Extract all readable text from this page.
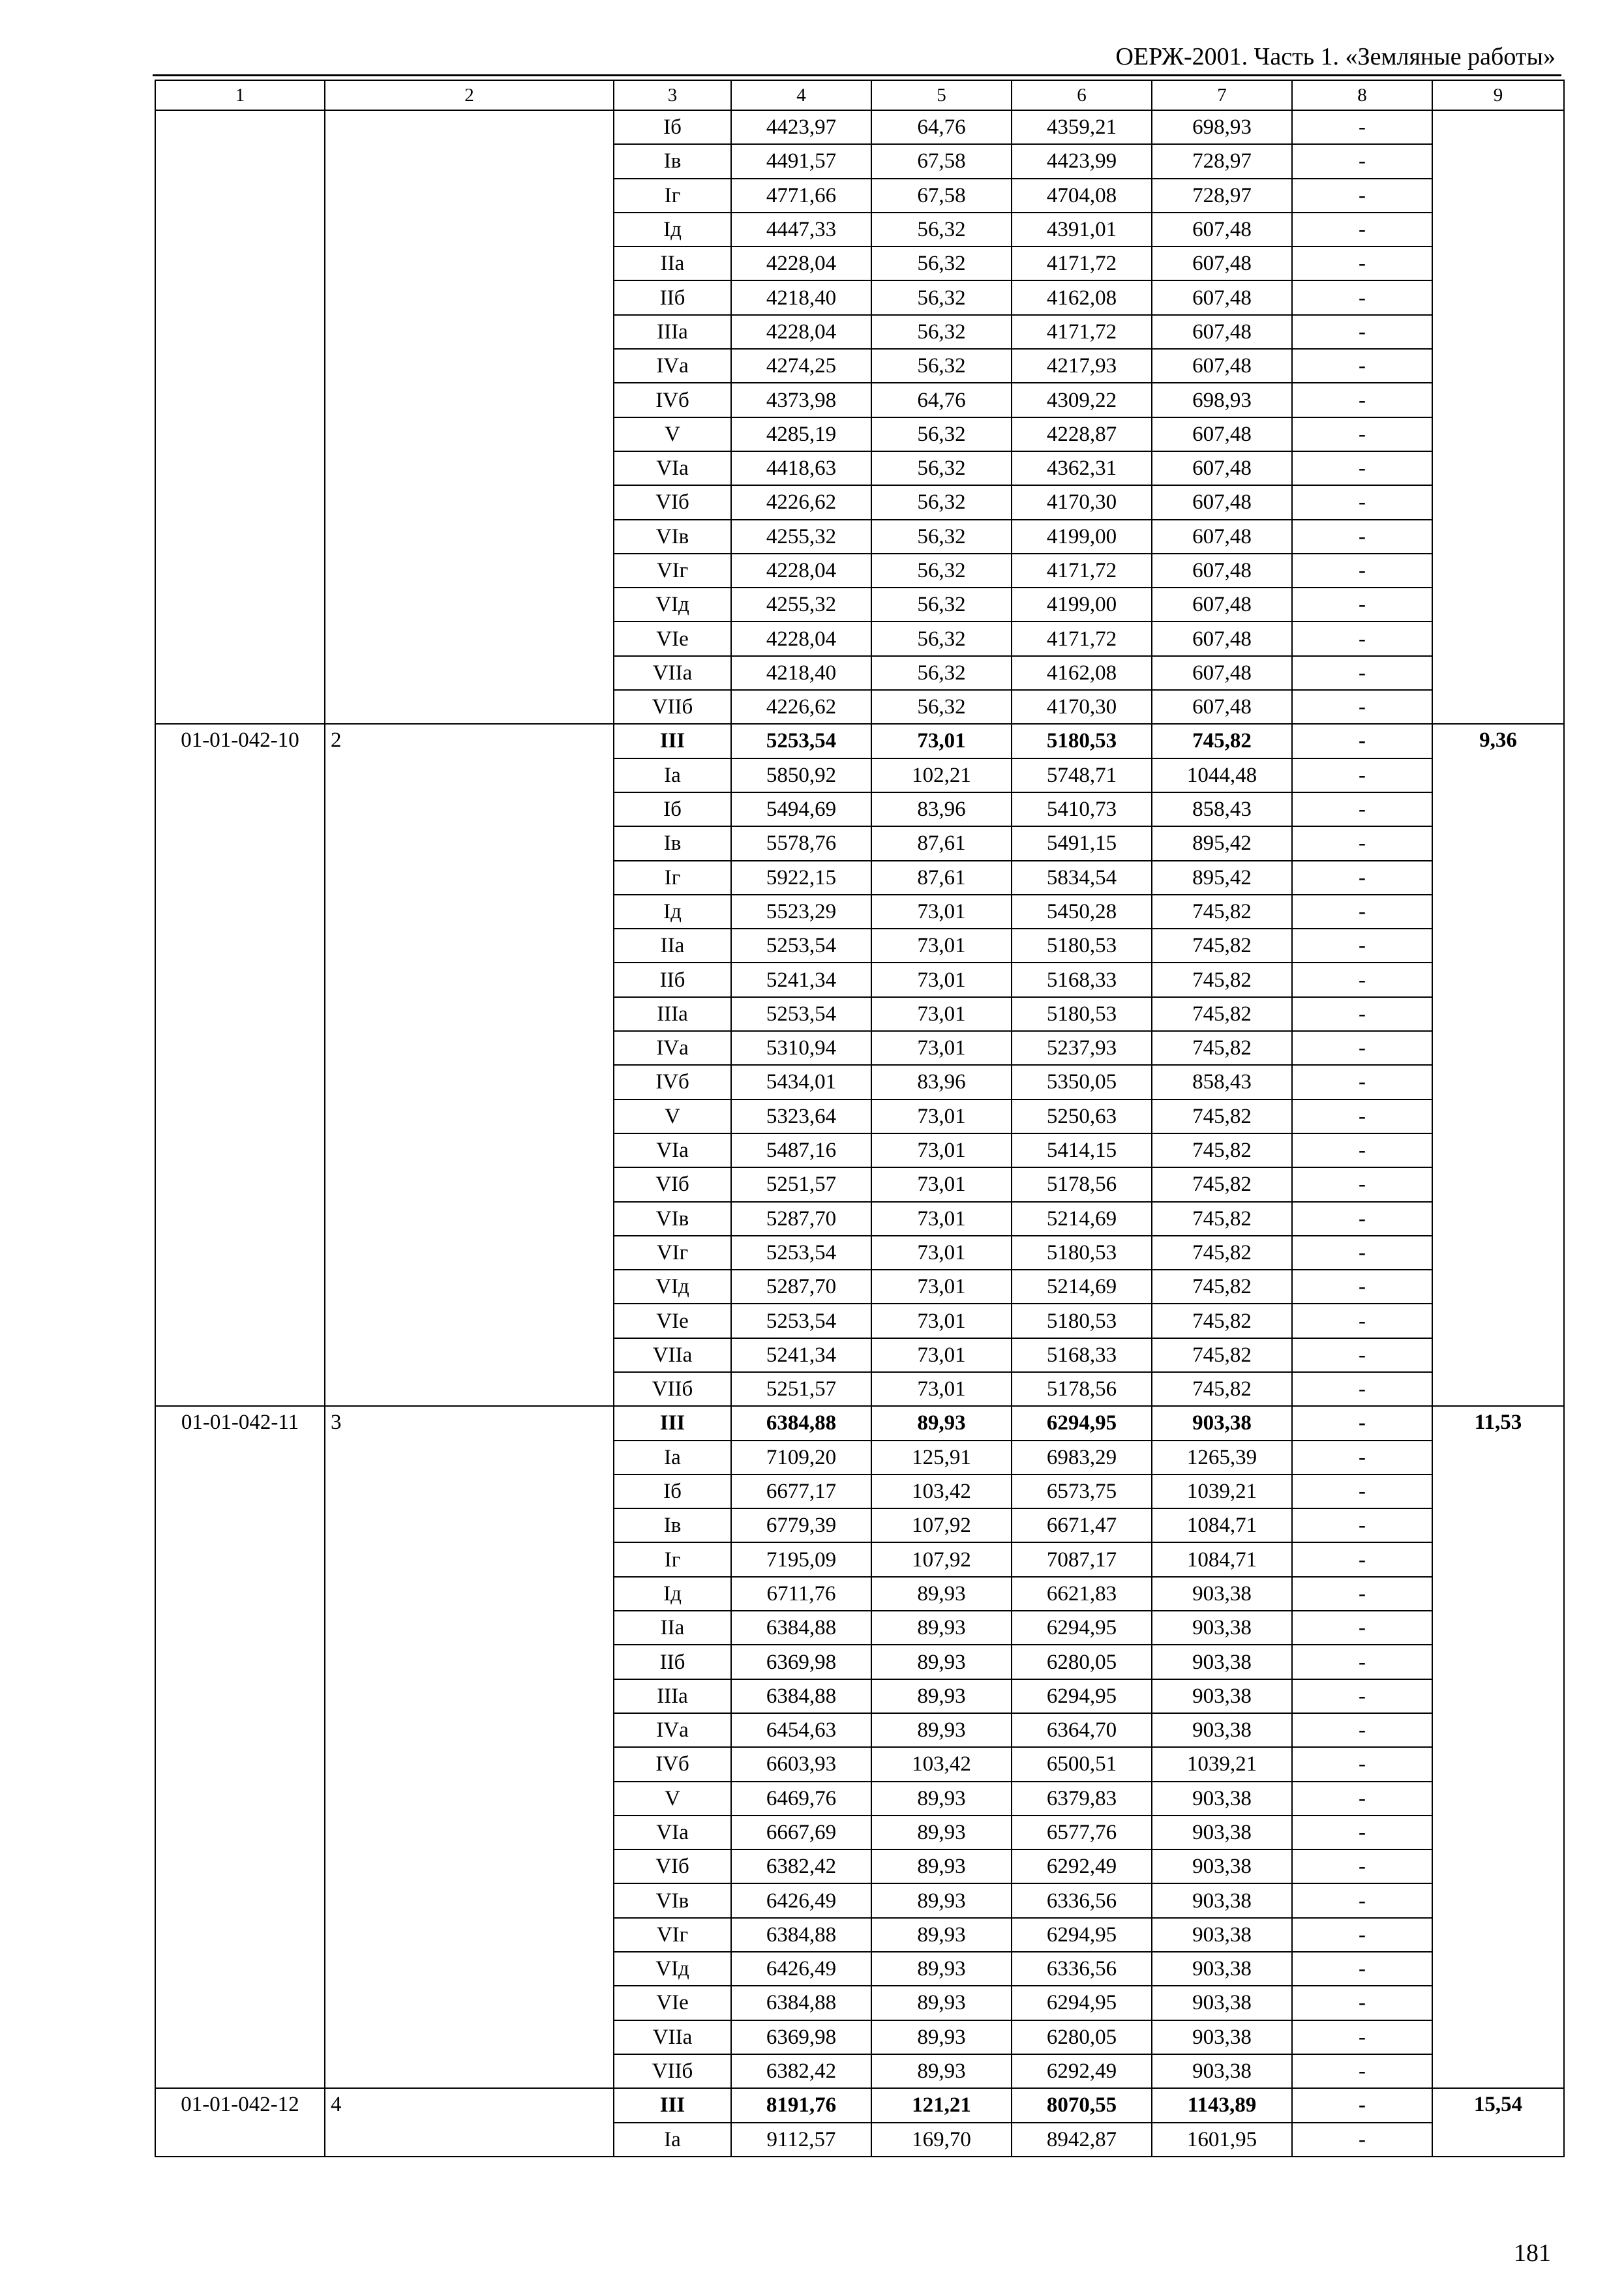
ОЕРЖ-2001. Часть 1. «Земляные работы»
1	2	3	4	5	6	7	8	9
		Iб	4423,97	64,76	4359,21	698,93	-	
		Iв	4491,57	67,58	4423,99	728,97	-	
		Iг	4771,66	67,58	4704,08	728,97	-	
		Iд	4447,33	56,32	4391,01	607,48	-	
		IIа	4228,04	56,32	4171,72	607,48	-	
		IIб	4218,40	56,32	4162,08	607,48	-	
		IIIа	4228,04	56,32	4171,72	607,48	-	
		IVа	4274,25	56,32	4217,93	607,48	-	
		IVб	4373,98	64,76	4309,22	698,93	-	
		V	4285,19	56,32	4228,87	607,48	-	
		VIа	4418,63	56,32	4362,31	607,48	-	
		VIб	4226,62	56,32	4170,30	607,48	-	
		VIв	4255,32	56,32	4199,00	607,48	-	
		VIг	4228,04	56,32	4171,72	607,48	-	
		VIд	4255,32	56,32	4199,00	607,48	-	
		VIе	4228,04	56,32	4171,72	607,48	-	
		VIIа	4218,40	56,32	4162,08	607,48	-	
		VIIб	4226,62	56,32	4170,30	607,48	-	
01-01-042-10	2	III	5253,54	73,01	5180,53	745,82	-	9,36
		Iа	5850,92	102,21	5748,71	1044,48	-	
		Iб	5494,69	83,96	5410,73	858,43	-	
		Iв	5578,76	87,61	5491,15	895,42	-	
		Iг	5922,15	87,61	5834,54	895,42	-	
		Iд	5523,29	73,01	5450,28	745,82	-	
		IIа	5253,54	73,01	5180,53	745,82	-	
		IIб	5241,34	73,01	5168,33	745,82	-	
		IIIа	5253,54	73,01	5180,53	745,82	-	
		IVа	5310,94	73,01	5237,93	745,82	-	
		IVб	5434,01	83,96	5350,05	858,43	-	
		V	5323,64	73,01	5250,63	745,82	-	
		VIа	5487,16	73,01	5414,15	745,82	-	
		VIб	5251,57	73,01	5178,56	745,82	-	
		VIв	5287,70	73,01	5214,69	745,82	-	
		VIг	5253,54	73,01	5180,53	745,82	-	
		VIд	5287,70	73,01	5214,69	745,82	-	
		VIе	5253,54	73,01	5180,53	745,82	-	
		VIIа	5241,34	73,01	5168,33	745,82	-	
		VIIб	5251,57	73,01	5178,56	745,82	-	
01-01-042-11	3	III	6384,88	89,93	6294,95	903,38	-	11,53
		Iа	7109,20	125,91	6983,29	1265,39	-	
		Iб	6677,17	103,42	6573,75	1039,21	-	
		Iв	6779,39	107,92	6671,47	1084,71	-	
		Iг	7195,09	107,92	7087,17	1084,71	-	
		Iд	6711,76	89,93	6621,83	903,38	-	
		IIа	6384,88	89,93	6294,95	903,38	-	
		IIб	6369,98	89,93	6280,05	903,38	-	
		IIIа	6384,88	89,93	6294,95	903,38	-	
		IVа	6454,63	89,93	6364,70	903,38	-	
		IVб	6603,93	103,42	6500,51	1039,21	-	
		V	6469,76	89,93	6379,83	903,38	-	
		VIа	6667,69	89,93	6577,76	903,38	-	
		VIб	6382,42	89,93	6292,49	903,38	-	
		VIв	6426,49	89,93	6336,56	903,38	-	
		VIг	6384,88	89,93	6294,95	903,38	-	
		VIд	6426,49	89,93	6336,56	903,38	-	
		VIе	6384,88	89,93	6294,95	903,38	-	
		VIIа	6369,98	89,93	6280,05	903,38	-	
		VIIб	6382,42	89,93	6292,49	903,38	-	
01-01-042-12	4	III	8191,76	121,21	8070,55	1143,89	-	15,54
		Iа	9112,57	169,70	8942,87	1601,95	-	
181
